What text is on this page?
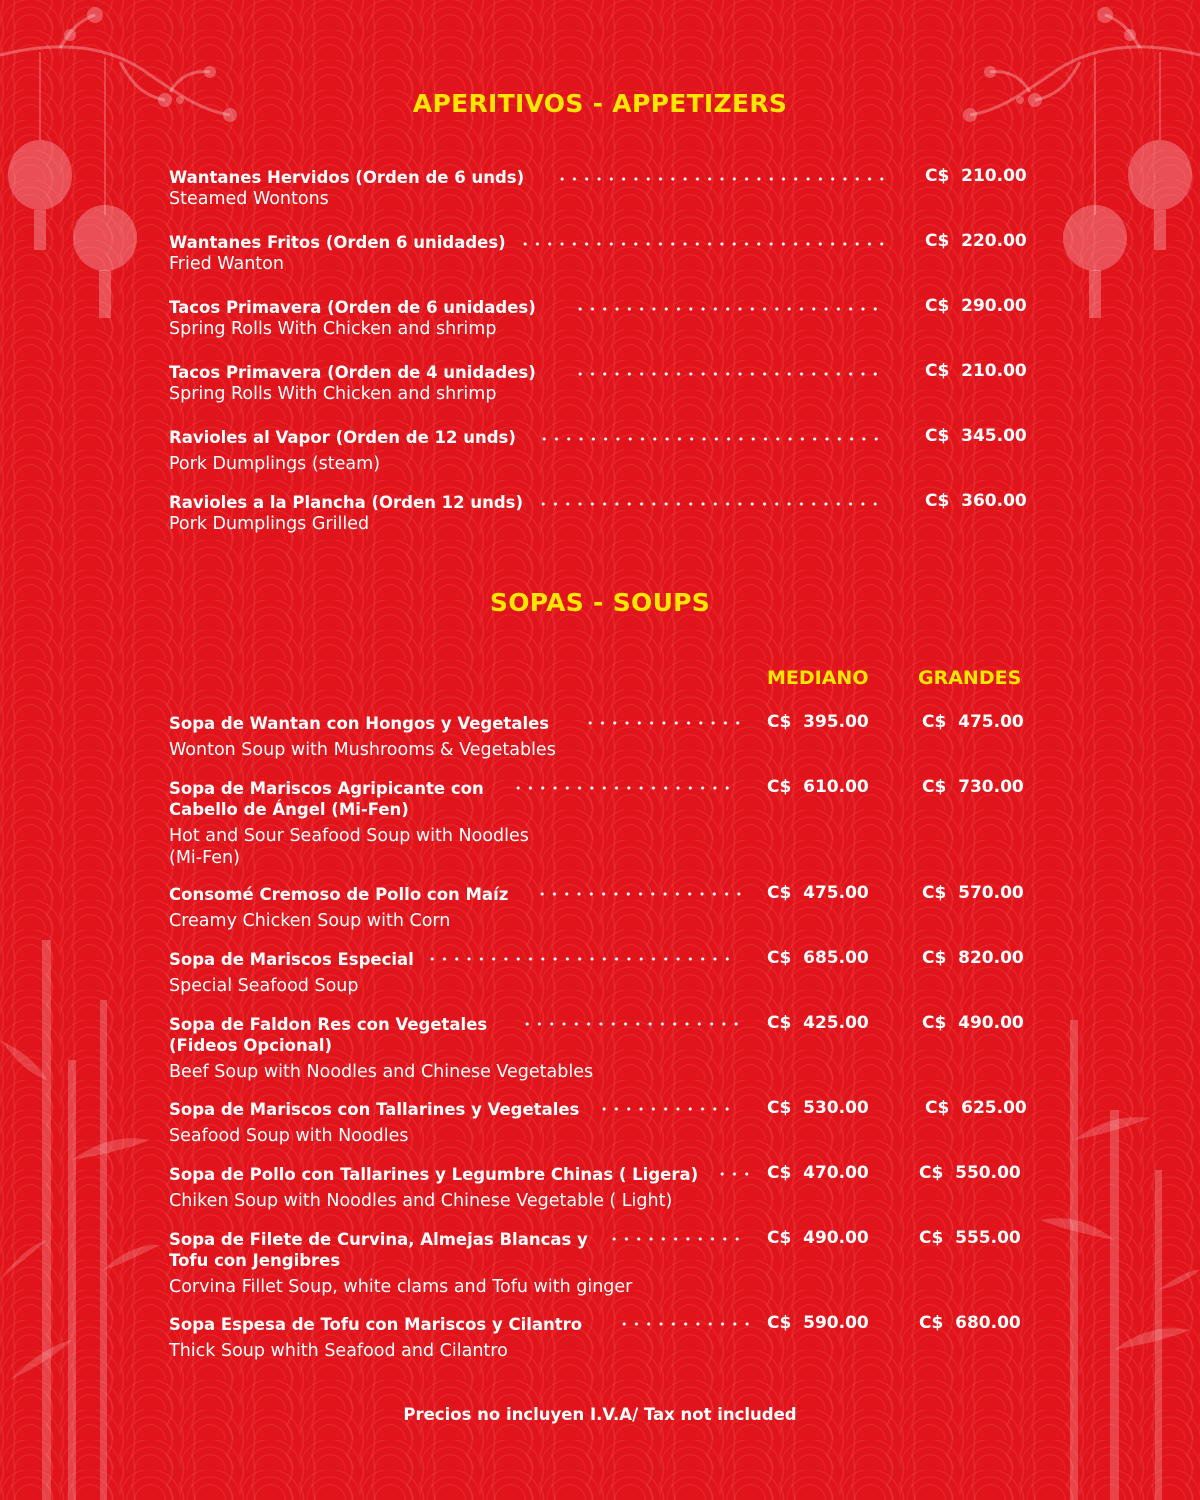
APERITIVOS - APPETIZERS
Wantanes Hervidos (Orden de 6 unds)
Steamed Wontons
C$  210.00
Wantanes Fritos (Orden 6 unidades)
Fried Wanton
C$  220.00
Tacos Primavera (Orden de 6 unidades)
Spring Rolls With Chicken and shrimp
C$  290.00
Tacos Primavera (Orden de 4 unidades)
Spring Rolls With Chicken and shrimp
C$  210.00
Ravioles al Vapor (Orden de 12 unds)
Pork Dumplings (steam)
C$  345.00
Ravioles a la Plancha (Orden 12 unds)
Pork Dumplings Grilled
C$  360.00
SOPAS - SOUPS
MEDIANO	GRANDES
Sopa de Wantan con Hongos y Vegetales
Wonton Soup with Mushrooms & Vegetables
C$  395.00	C$  475.00
Sopa de Mariscos Agripicante con
Cabello de Ángel (Mi-Fen)
Hot and Sour Seafood Soup with Noodles
(Mi-Fen)
C$  610.00	C$  730.00
Consomé Cremoso de Pollo con Maíz
Creamy Chicken Soup with Corn
C$  475.00	C$  570.00
Sopa de Mariscos Especial
Special Seafood Soup
C$  685.00	C$  820.00
Sopa de Faldon Res con Vegetales
(Fideos Opcional)
Beef Soup with Noodles and Chinese Vegetables
C$  425.00	C$  490.00
Sopa de Mariscos con Tallarines y Vegetales
Seafood Soup with Noodles
C$  530.00	C$  625.00
Sopa de Pollo con Tallarines y Legumbre Chinas ( Ligera)
Chiken Soup with Noodles and Chinese Vegetable ( Light)
C$  470.00	C$  550.00
Sopa de Filete de Curvina, Almejas Blancas y
Tofu con Jengibres
Corvina Fillet Soup, white clams and Tofu with ginger
C$  490.00	C$  555.00
Sopa Espesa de Tofu con Mariscos y Cilantro
Thick Soup whith Seafood and Cilantro
C$  590.00	C$  680.00
Precios no incluyen I.V.A/ Tax not included
